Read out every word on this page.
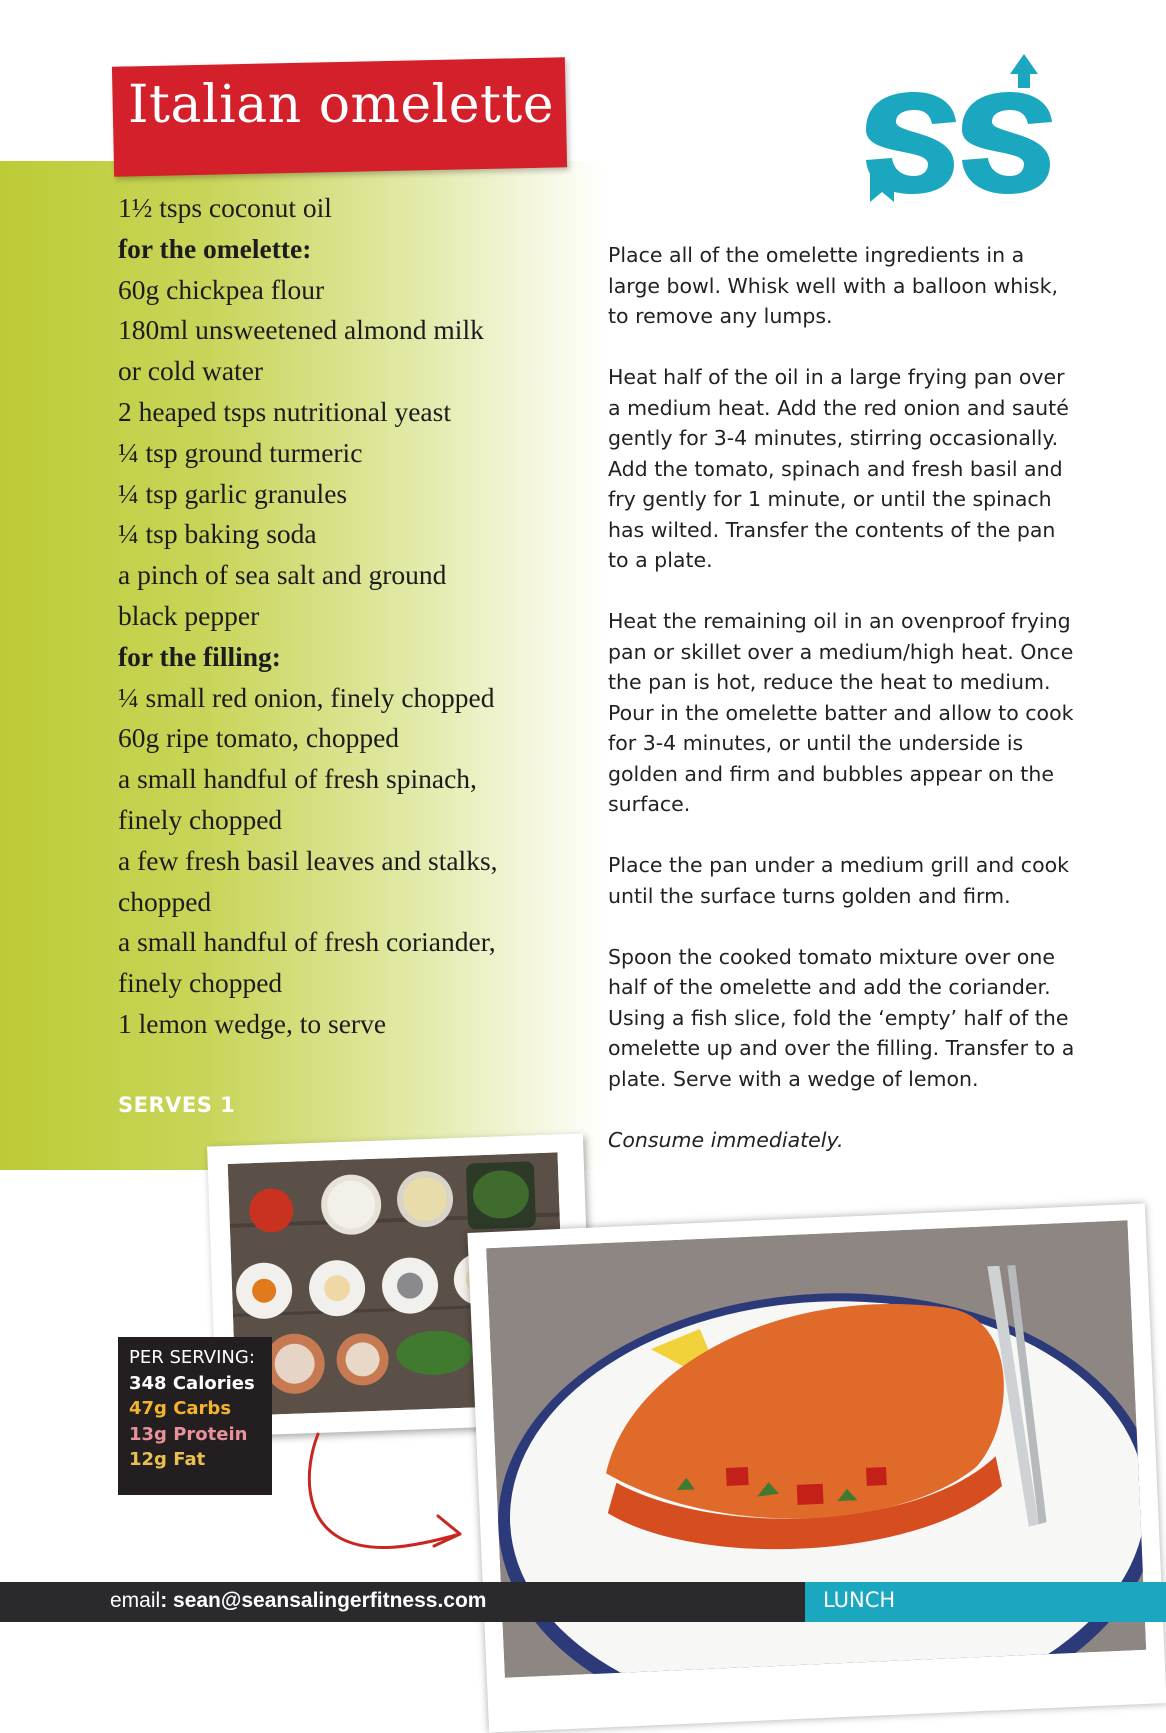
Italian omelette
1½ tsps coconut oil
for the omelette:
60g chickpea flour
180ml unsweetened almond milk
or cold water
2 heaped tsps nutritional yeast
¼ tsp ground turmeric
¼ tsp garlic granules
¼ tsp baking soda
a pinch of sea salt and ground
black pepper
for the filling:
¼ small red onion, finely chopped
60g ripe tomato, chopped
a small handful of fresh spinach,
finely chopped
a few fresh basil leaves and stalks,
chopped
a small handful of fresh coriander,
finely chopped
1 lemon wedge, to serve
SERVES 1

Place all of the omelette ingredients in a large bowl. Whisk well with a balloon whisk, to remove any lumps.

Heat half of the oil in a large frying pan over a medium heat. Add the red onion and sauté gently for 3-4 minutes, stirring occasionally. Add the tomato, spinach and fresh basil and fry gently for 1 minute, or until the spinach has wilted. Transfer the contents of the pan to a plate.

Heat the remaining oil in an ovenproof frying pan or skillet over a medium/high heat. Once the pan is hot, reduce the heat to medium. Pour in the omelette batter and allow to cook for 3-4 minutes, or until the underside is golden and firm and bubbles appear on the surface.

Place the pan under a medium grill and cook until the surface turns golden and firm.

Spoon the cooked tomato mixture over one half of the omelette and add the coriander. Using a fish slice, fold the ‘empty’ half of the omelette up and over the filling. Transfer to a plate. Serve with a wedge of lemon.

Consume immediately.

PER SERVING:
348 Calories
47g Carbs
13g Protein
12g Fat
email: sean@seansalingerfitness.com	LUNCH
